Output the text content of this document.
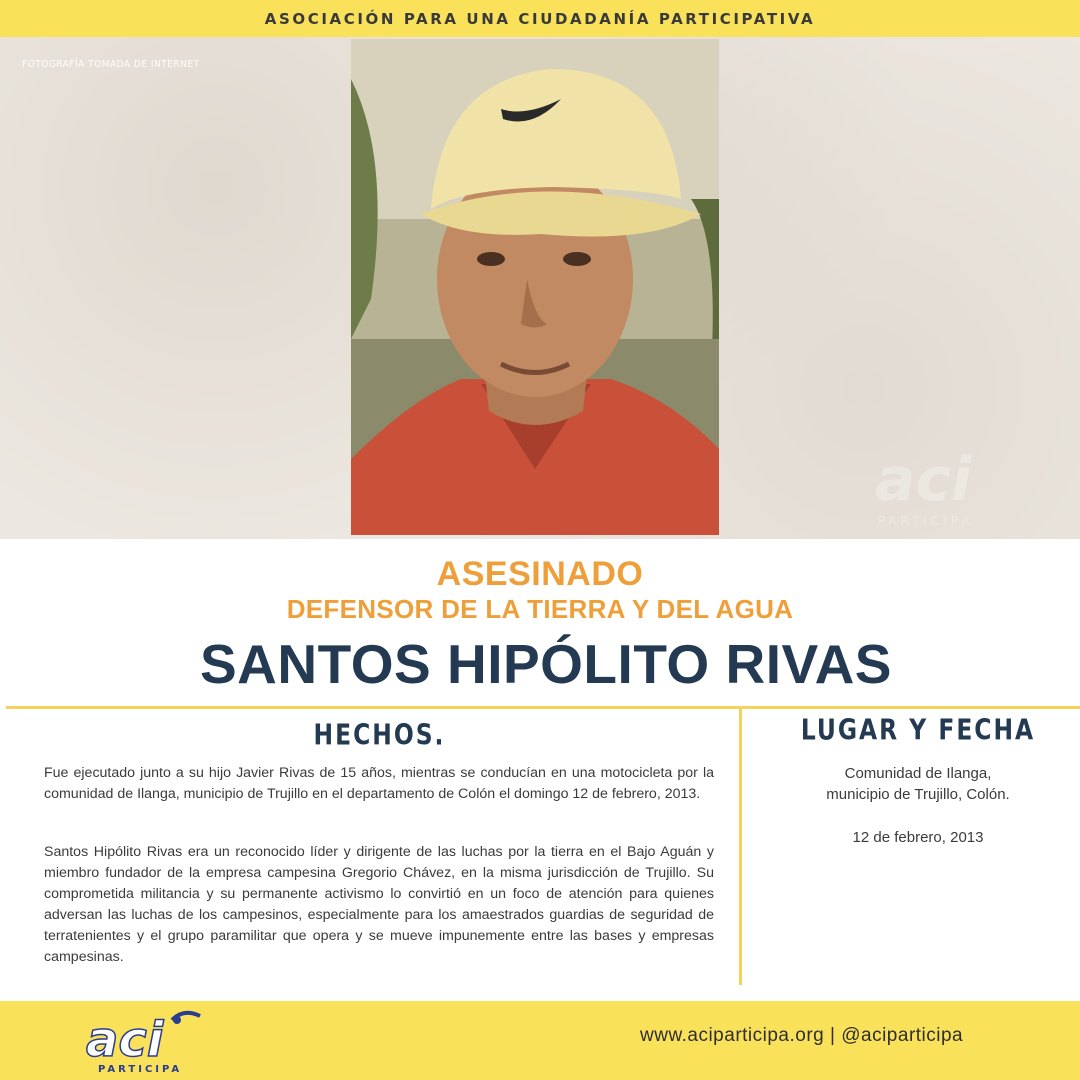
ASOCIACIÓN PARA UNA CIUDADANÍA PARTICIPATIVA
FOTOGRAFÍA TOMADA DE INTERNET
aci
PARTICIPA
ASESINADO
DEFENSOR DE LA TIERRA Y DEL AGUA
SANTOS HIPÓLITO RIVAS
HECHOS.

Fue ejecutado junto a su hijo Javier Rivas de 15 años, mientras se conducían en una motocicleta por la comunidad de Ilanga, municipio de Trujillo en el departamento de Colón el domingo 12 de febrero, 2013.

Santos Hipólito Rivas era un reconocido líder y dirigente de las luchas por la tierra en el Bajo Aguán y miembro fundador de la empresa campesina Gregorio Chávez, en la misma jurisdicción de Trujillo. Su comprometida militancia y su permanente activismo lo convirtió en un foco de atención para quienes adversan las luchas de los campesinos, especialmente para los amaestrados guardias de seguridad de terratenientes y el grupo paramilitar que opera y se mueve impunemente entre las bases y empresas campesinas.

LUGAR Y FECHA
Comunidad de Ilanga,
municipio de Trujillo, Colón.
12 de febrero, 2013
aci
PARTICIPA
www.aciparticipa.org | @aciparticipa
